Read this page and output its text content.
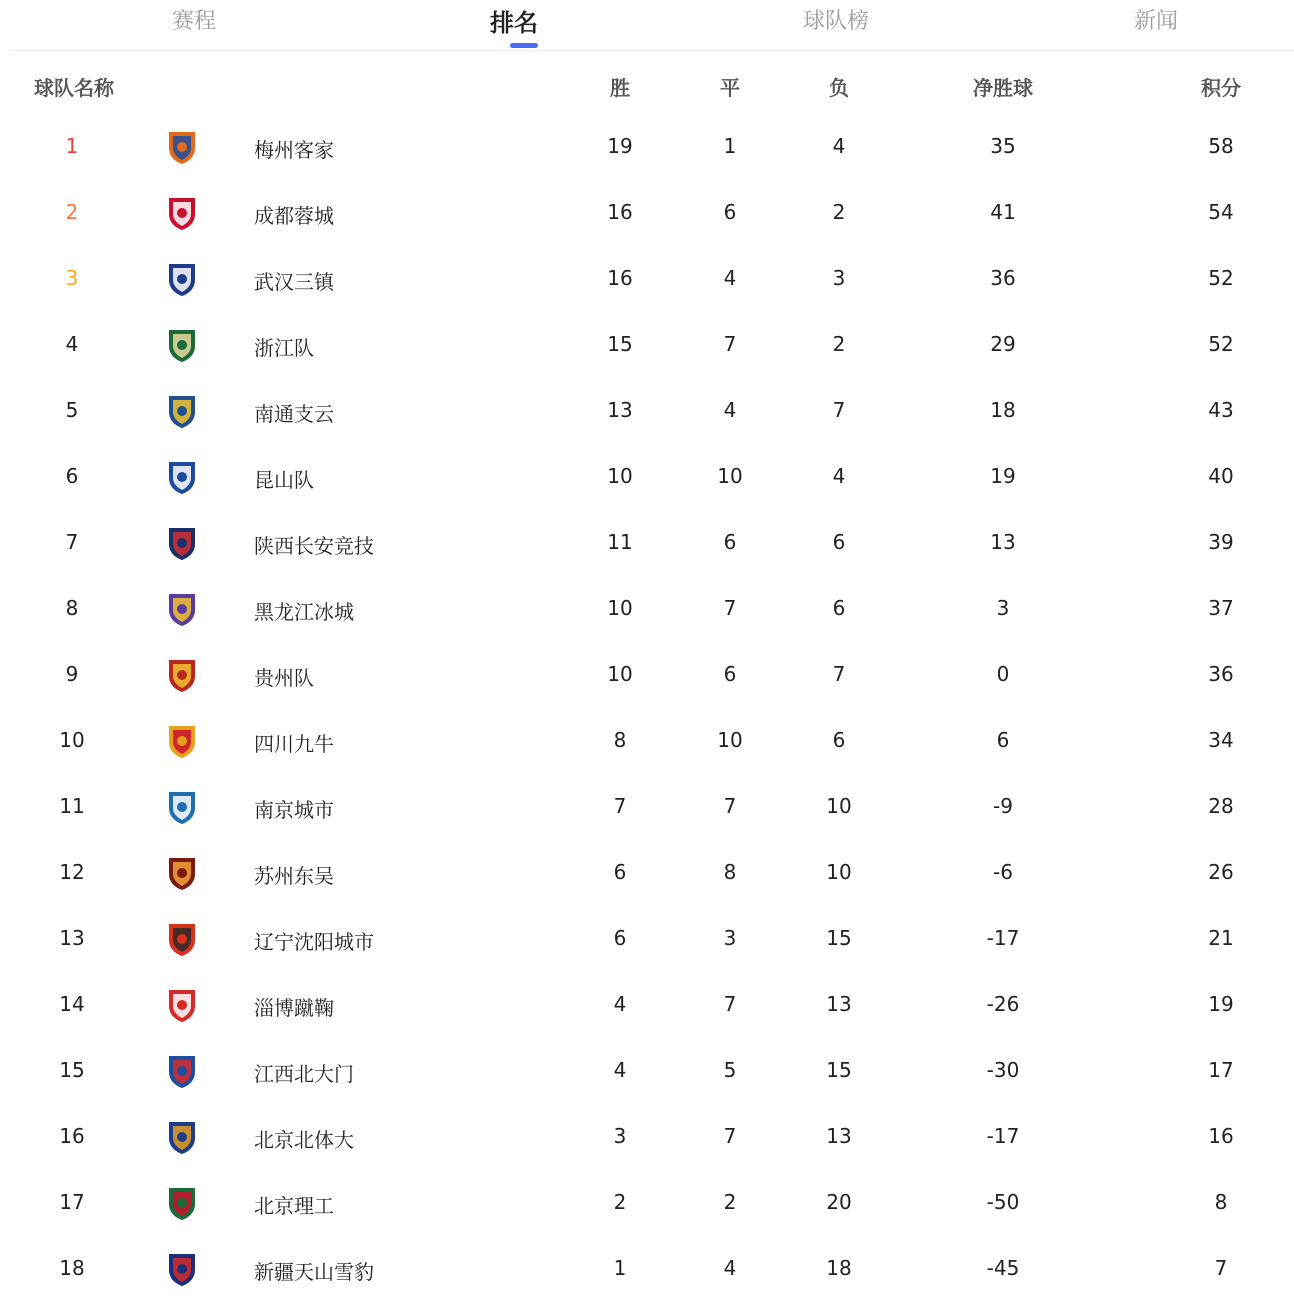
赛程	排名	球队榜	新闻
球队名称	胜	平	负	净胜球	积分
1	梅州客家	19	1	4	35	58
2	成都蓉城	16	6	2	41	54
3	武汉三镇	16	4	3	36	52
4	浙江队	15	7	2	29	52
5	南通支云	13	4	7	18	43
6	昆山队	10	10	4	19	40
7	陕西长安竞技	11	6	6	13	39
8	黑龙江冰城	10	7	6	3	37
9	贵州队	10	6	7	0	36
10	四川九牛	8	10	6	6	34
11	南京城市	7	7	10	-9	28
12	苏州东吴	6	8	10	-6	26
13	辽宁沈阳城市	6	3	15	-17	21
14	淄博蹴鞠	4	7	13	-26	19
15	江西北大门	4	5	15	-30	17
16	北京北体大	3	7	13	-17	16
17	北京理工	2	2	20	-50	8
18	新疆天山雪豹	1	4	18	-45	7
